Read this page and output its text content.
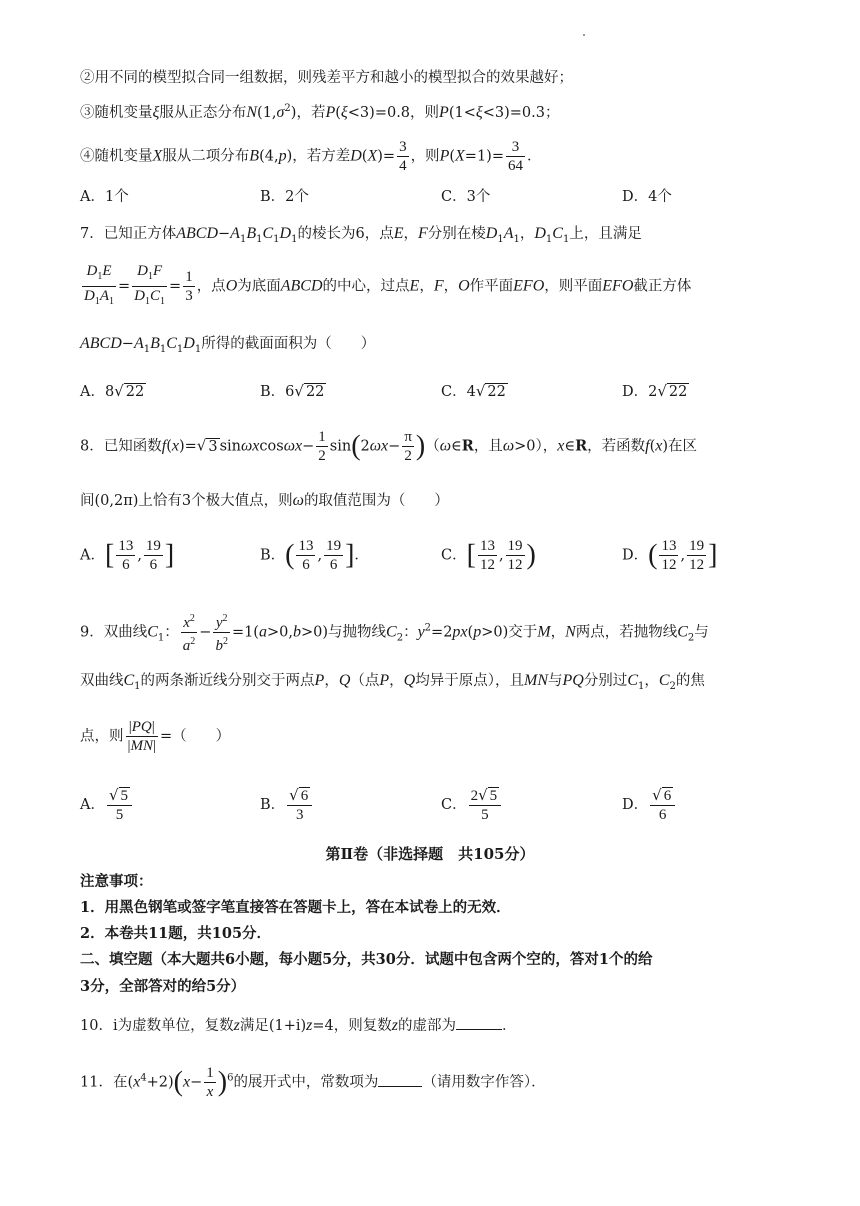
②用不同的模型拟合同一组数据，则残差平方和越小的模型拟合的效果越好；
③随机变量ξ服从正态分布$N(1,\sigma^2)$，若P(ξ<3)=0.8，则P(1<ξ<3)=0.3；
④随机变量X服从二项分布B(4,p)，若方差$D(X)= \frac{3}{4}$ ，则$P(X=1)= \frac{3}{64}$ ．
A．1个	B．2个	C．3个	D．4个
7．已知正方体$ABCD-A_1B_1C_1D_1$的棱长为6，点E，F分别在棱$D_1A_1$，$D_1C_1$上，且满足
$\frac{D_1E}{D_1A_1} = \frac{D_1F}{D_1C_1} = \frac{1}{3}$ ，点O为底面ABCD的中心，过点E，F，O作平面EFO，则平面EFO截正方体
$ABCD-A_1B_1C_1D_1$所得的截面面积为（　　）
A．8√ 22	B．6√ 22	C．4√ 22	D．2√ 22
8．已知函数f(x)=√ 3 $\sin\omega xcos\omega x- \frac{1}{2} \sin(2\omega x- \frac{\pi}{2}$ )（ω∈R，且ω>0），x∈R，若函数f(x)在区
间(0,2π)上恰有3个极大值点，则ω的取值范围为（　　）
A．[ $\frac{13}{6}$ , $\frac{19}{6}$ ]	B．( $\frac{13}{6}$ , $\frac{19}{6}$ ]．	C．[ $\frac{13}{12}$ , $\frac{19}{12}$ )	D．( $\frac{13}{12}$ , $\frac{19}{12}$ ]
9．双曲线$C_1$： $\frac{x^2}{a^2} - \frac{y^2}{b^2} =1(a>0,b>0)$与抛物线$C_2$：$y^2=2px(p>0)$交于M，N两点，若抛物线$C_2$与
双曲线$C_1$的两条渐近线分别交于两点P，Q（点P，Q均异于原点），且MN与PQ分别过$C_1$，$C_2$的焦
点，则 $\frac{|PQ|}{|MN|}$ =（　　）
A． $\frac{√ 5}{5}$	B． $\frac{√ 6}{3}$	C． $\frac{2√ 5}{5}$	D． $\frac{√ 6}{6}$
第Ⅱ卷（非选择题　共105分）
注意事项：
1．用黑色钢笔或签字笔直接答在答题卡上，答在本试卷上的无效．
2．本卷共11题，共105分．
二、填空题（本大题共6小题，每小题5分，共30分．试题中包含两个空的，答对1个的给
3分，全部答对的给5分）
10．i为虚数单位，复数z满足(1+i)z=4，则复数z的虚部为	．
11．在$(x^4+2)(x- \frac{1}{x} )^6$的展开式中，常数项为	（请用数字作答）．
